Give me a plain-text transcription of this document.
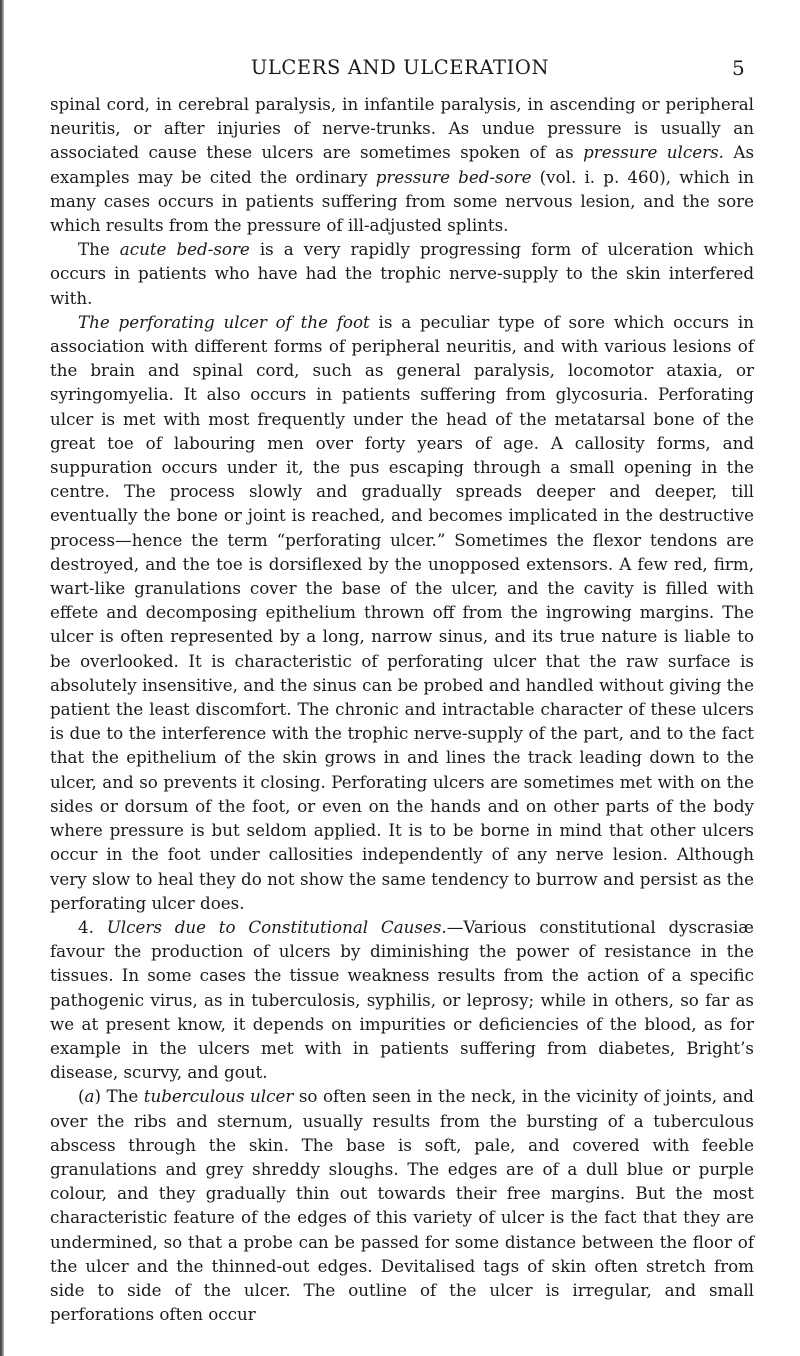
ULCERS AND ULCERATION	5

spinal cord, in cerebral paralysis, in infantile paralysis, in ascending or peripheral neuritis, or after injuries of nerve-trunks. As undue pressure is usually an associated cause these ulcers are sometimes spoken of as pressure ulcers. As examples may be cited the ordinary pressure bed-sore (vol. i. p. 460), which in many cases occurs in patients suffering from some nervous lesion, and the sore which results from the pressure of ill-adjusted splints.

The acute bed-sore is a very rapidly progressing form of ulceration which occurs in patients who have had the trophic nerve-supply to the skin interfered with.

The perforating ulcer of the foot is a peculiar type of sore which occurs in association with different forms of peripheral neuritis, and with various lesions of the brain and spinal cord, such as general paralysis, locomotor ataxia, or syringomyelia. It also occurs in patients suffering from glycosuria. Perforating ulcer is met with most frequently under the head of the metatarsal bone of the great toe of labouring men over forty years of age. A callosity forms, and suppuration occurs under it, the pus escaping through a small opening in the centre. The process slowly and gradually spreads deeper and deeper, till eventually the bone or joint is reached, and becomes implicated in the destructive process—hence the term “perforating ulcer.” Sometimes the flexor tendons are destroyed, and the toe is dorsiflexed by the unopposed extensors. A few red, firm, wart-like granulations cover the base of the ulcer, and the cavity is filled with effete and decomposing epithelium thrown off from the ingrowing margins. The ulcer is often represented by a long, narrow sinus, and its true nature is liable to be overlooked. It is characteristic of perforating ulcer that the raw surface is absolutely insensitive, and the sinus can be probed and handled without giving the patient the least discomfort. The chronic and intractable character of these ulcers is due to the interference with the trophic nerve-supply of the part, and to the fact that the epithelium of the skin grows in and lines the track leading down to the ulcer, and so prevents it closing. Perforating ulcers are sometimes met with on the sides or dorsum of the foot, or even on the hands and on other parts of the body where pressure is but seldom applied. It is to be borne in mind that other ulcers occur in the foot under callosities independently of any nerve lesion. Although very slow to heal they do not show the same tendency to burrow and persist as the perforating ulcer does.

4. Ulcers due to Constitutional Causes.—Various constitutional dyscrasiæ favour the production of ulcers by diminishing the power of resistance in the tissues. In some cases the tissue weakness results from the action of a specific pathogenic virus, as in tuberculosis, syphilis, or leprosy; while in others, so far as we at present know, it depends on impurities or deficiencies of the blood, as for example in the ulcers met with in patients suffering from diabetes, Bright’s disease, scurvy, and gout.

(a) The tuberculous ulcer so often seen in the neck, in the vicinity of joints, and over the ribs and sternum, usually results from the bursting of a tuberculous abscess through the skin. The base is soft, pale, and covered with feeble granulations and grey shreddy sloughs. The edges are of a dull blue or purple colour, and they gradually thin out towards their free margins. But the most characteristic feature of the edges of this variety of ulcer is the fact that they are undermined, so that a probe can be passed for some distance between the floor of the ulcer and the thinned-out edges. Devitalised tags of skin often stretch from side to side of the ulcer. The outline of the ulcer is irregular, and small perforations often occur
